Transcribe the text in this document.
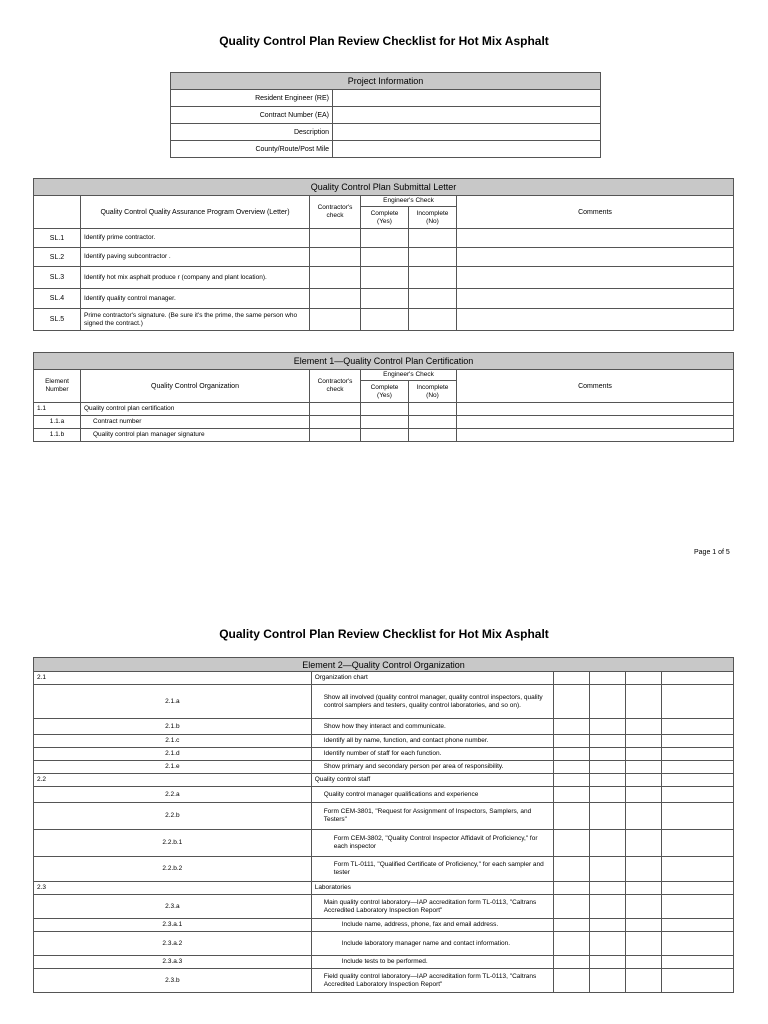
Quality Control Plan Review Checklist for Hot Mix Asphalt
Project Information	
Resident Engineer (RE)	
Contract Number (EA)	
Description	
County/Route/Post Mile	
Quality Control Plan Submittal Letter					
	Quality Control Quality Assurance Program Overview (Letter)	Contractor's check	Engineer's Check		Comments
			Complete (Yes)	Incomplete (No)	
SL.1	Identify prime contractor.				
SL.2	Identify paving subcontractor .				
SL.3	Identify hot mix asphalt produce r (company and plant location).				
SL.4	Identify quality control manager.				
SL.5	Prime contractor's signature. (Be sure it's the prime, the same person who signed the contract.)				
Element 1—Quality Control Plan Certification					
Element Number	Quality Control Organization	Contractor's check	Engineer's Check		Comments
			Complete (Yes)	Incomplete (No)	
1.1	Quality control plan certification				
1.1.a	Contract number				
1.1.b	Quality control plan manager signature				
Page 1 of 5
Quality Control Plan Review Checklist for Hot Mix Asphalt
Element 2—Quality Control Organization					
2.1	Organization chart				
2.1.a	Show all involved (quality control manager, quality control inspectors, quality control samplers and testers, quality control laboratories, and so on).				
2.1.b	Show how they interact and communicate.				
2.1.c	Identify all by name, function, and contact phone number.				
2.1.d	Identify number of staff for each function.				
2.1.e	Show primary and secondary person per area of responsibility.				
2.2	Quality control staff				
2.2.a	Quality control manager qualifications and experience				
2.2.b	Form CEM-3801, "Request for Assignment of Inspectors, Samplers, and Testers"				
2.2.b.1	Form CEM-3802, "Quality Control Inspector Affidavit of Proficiency," for each inspector				
2.2.b.2	Form TL-0111, "Qualified Certificate of Proficiency," for each sampler and tester				
2.3	Laboratories				
2.3.a	Main quality control laboratory—IAP accreditation form TL-0113, "Caltrans Accredited Laboratory Inspection Report"				
2.3.a.1	Include name, address, phone, fax and email address.				
2.3.a.2	Include laboratory manager name and contact information.				
2.3.a.3	Include tests to be performed.				
2.3.b	Field quality control laboratory—IAP accreditation form TL-0113, "Caltrans Accredited Laboratory Inspection Report"				
